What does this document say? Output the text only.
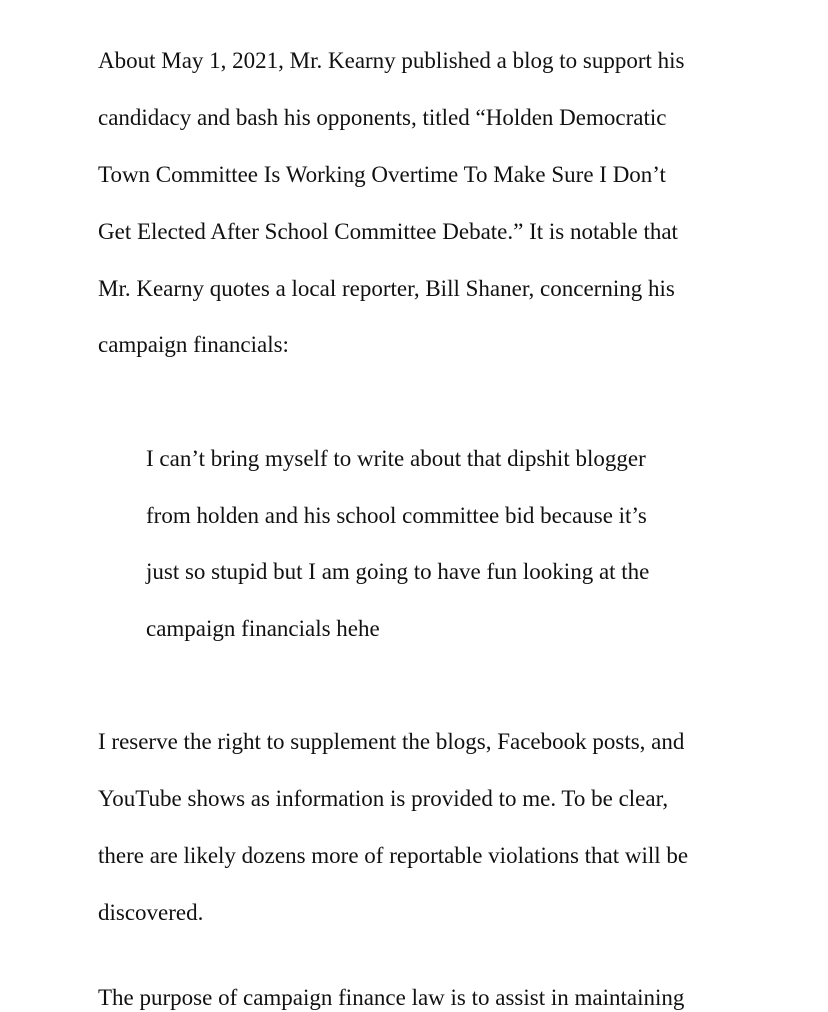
About May 1, 2021, Mr. Kearny published a blog to support his

candidacy and bash his opponents, titled “Holden Democratic

Town Committee Is Working Overtime To Make Sure I Don’t

Get Elected After School Committee Debate.” It is notable that

Mr. Kearny quotes a local reporter, Bill Shaner, concerning his

campaign financials:

I can’t bring myself to write about that dipshit blogger

from holden and his school committee bid because it’s

just so stupid but I am going to have fun looking at the

campaign financials hehe

I reserve the right to supplement the blogs, Facebook posts, and

YouTube shows as information is provided to me. To be clear,

there are likely dozens more of reportable violations that will be

discovered.

The purpose of campaign finance law is to assist in maintaining
